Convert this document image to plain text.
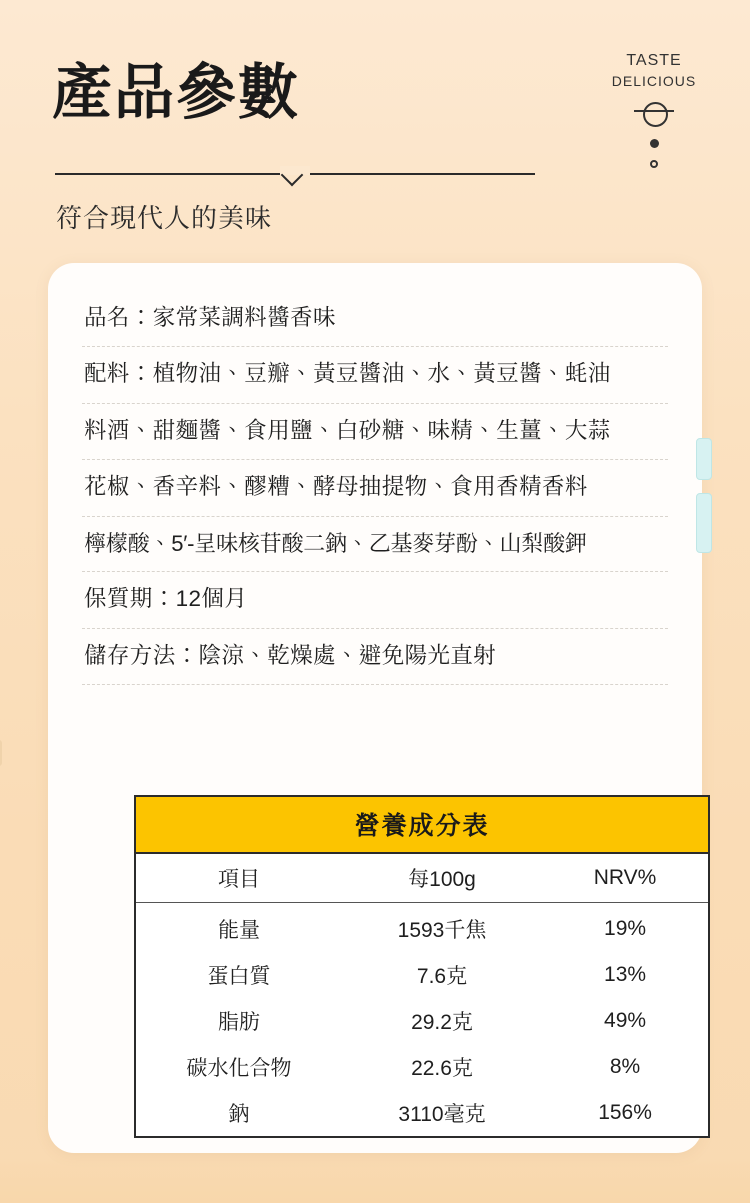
產品參數
符合現代人的美味
TASTE
DELICIOUS
品名：家常菜調料醬香味
配料：植物油、豆瓣、黃豆醬油、水、黃豆醬、蚝油
料酒、甜麵醬、食用鹽、白砂糖、味精、生薑、大蒜
花椒、香辛料、醪糟、酵母抽提物、食用香精香料
檸檬酸、5′-呈味核苷酸二鈉、乙基麥芽酚、山梨酸鉀
保質期：12個月
儲存方法：陰涼、乾燥處、避免陽光直射
營養成分表
項目	每100g	NRV%
能量	1593千焦	19%
蛋白質	7.6克	13%
脂肪	29.2克	49%
碳水化合物	22.6克	8%
鈉	3110毫克	156%
